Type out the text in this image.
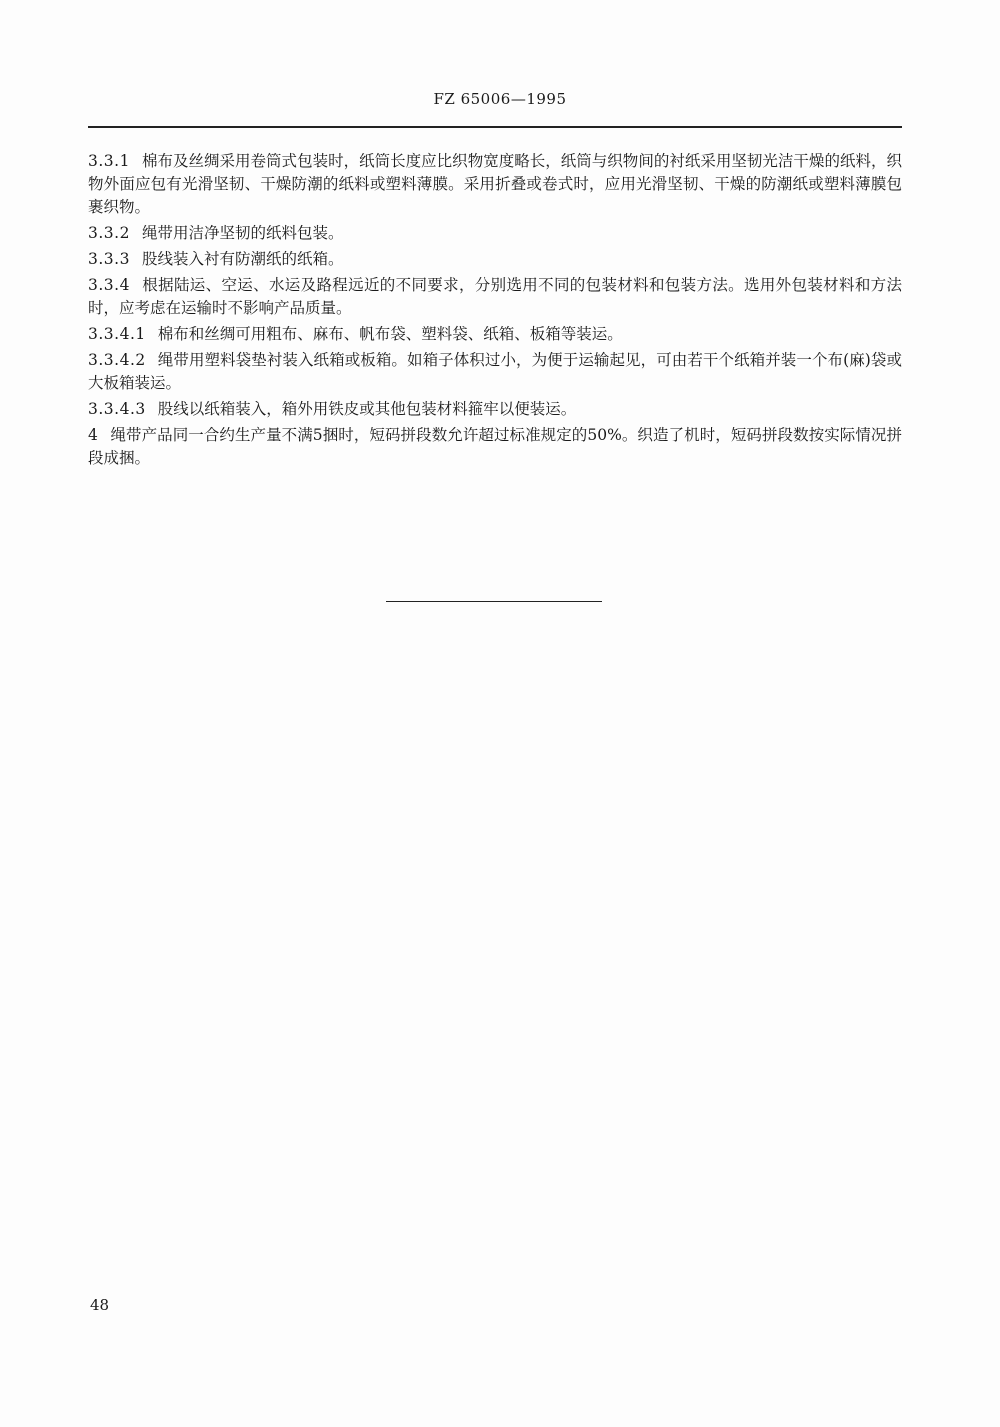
FZ 65006—1995

3.3.1 棉布及丝绸采用卷筒式包装时，纸筒长度应比织物宽度略长，纸筒与织物间的衬纸采用坚韧光洁干燥的纸料，织物外面应包有光滑坚韧、干燥防潮的纸料或塑料薄膜。采用折叠或卷式时，应用光滑坚韧、干燥的防潮纸或塑料薄膜包裹织物。

3.3.2 绳带用洁净坚韧的纸料包装。

3.3.3 股线装入衬有防潮纸的纸箱。

3.3.4 根据陆运、空运、水运及路程远近的不同要求，分别选用不同的包装材料和包装方法。选用外包装材料和方法时，应考虑在运输时不影响产品质量。

3.3.4.1 棉布和丝绸可用粗布、麻布、帆布袋、塑料袋、纸箱、板箱等装运。

3.3.4.2 绳带用塑料袋垫衬装入纸箱或板箱。如箱子体积过小，为便于运输起见，可由若干个纸箱并装一个布(麻)袋或大板箱装运。

3.3.4.3 股线以纸箱装入，箱外用铁皮或其他包装材料箍牢以便装运。

4 绳带产品同一合约生产量不满5捆时，短码拼段数允许超过标准规定的50%。织造了机时，短码拼段数按实际情况拼段成捆。

48
